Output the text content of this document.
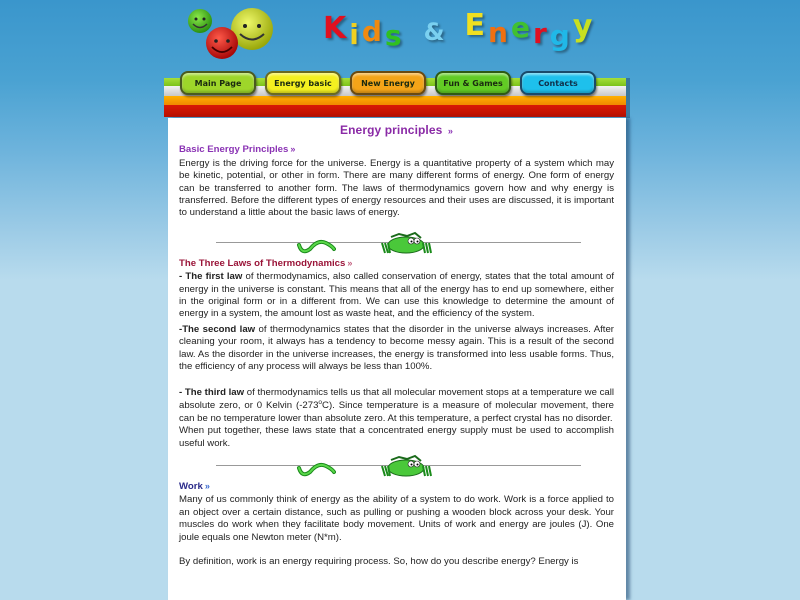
K i d s & E n e r g y
Main Page	Energy basic	New Energy	Fun & Games	Contacts
Energy principles »
Basic Energy Principles »

Energy is the driving force for the universe. Energy is a quantitative property of a system which may be kinetic, potential, or other in form. There are many different forms of energy. One form of energy can be transferred to another form. The laws of thermodynamics govern how and why energy is transferred. Before the different types of energy resources and their uses are discussed, it is important to understand a little about the basic laws of energy.

The Three Laws of Thermodynamics »

- The first law of thermodynamics, also called conservation of energy, states that the total amount of energy in the universe is constant. This means that all of the energy has to end up somewhere, either in the original form or in a different from. We can use this knowledge to determine the amount of energy in a system, the amount lost as waste heat, and the efficiency of the system.

-The second law of thermodynamics states that the disorder in the universe always increases. After cleaning your room, it always has a tendency to become messy again. This is a result of the second law. As the disorder in the universe increases, the energy is transformed into less usable forms. Thus, the efficiency of any process will always be less than 100%.

- The third law of thermodynamics tells us that all molecular movement stops at a temperature we call absolute zero, or 0 Kelvin (-273$^o$C). Since temperature is a measure of molecular movement, there can be no temperature lower than absolute zero. At this temperature, a perfect crystal has no disorder.

When put together, these laws state that a concentrated energy supply must be used to accomplish useful work.

Work »

Many of us commonly think of energy as the ability of a system to do work. Work is a force applied to an object over a certain distance, such as pulling or pushing a wooden block across your desk. Your muscles do work when they facilitate body movement. Units of work and energy are joules (J). One joule equals one Newton meter (N*m).

By definition, work is an energy requiring process. So, how do you describe energy? Energy is
